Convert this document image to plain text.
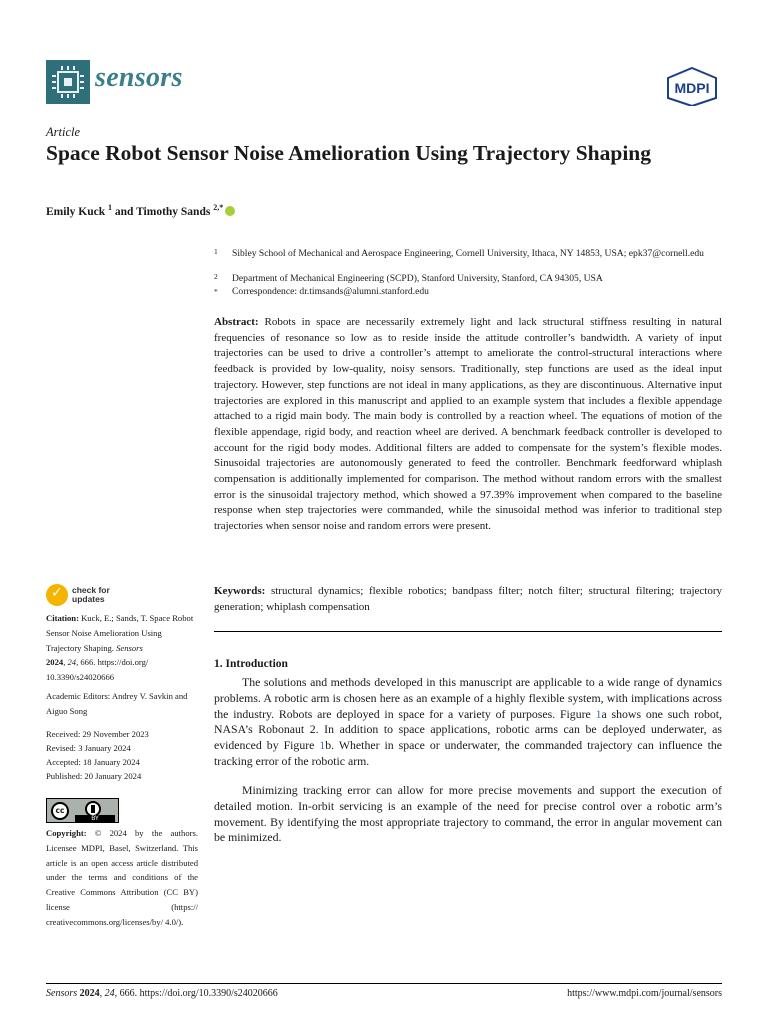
sensors	MDPI
Article
Space Robot Sensor Noise Amelioration Using Trajectory Shaping
Emily Kuck $^1$ and Timothy Sands $^{2,*}$
1	Sibley School of Mechanical and Aerospace Engineering, Cornell University, Ithaca, NY 14853, USA; epk37@cornell.edu
2	Department of Mechanical Engineering (SCPD), Stanford University, Stanford, CA 94305, USA
*	Correspondence: dr.timsands@alumni.stanford.edu
Abstract: Robots in space are necessarily extremely light and lack structural stiffness resulting in natural frequencies of resonance so low as to reside inside the attitude controller’s bandwidth. A variety of input trajectories can be used to drive a controller’s attempt to ameliorate the control-structural interactions where feedback is provided by low-quality, noisy sensors. Traditionally, step functions are used as the ideal input trajectory. However, step functions are not ideal in many applications, as they are discontinuous. Alternative input trajectories are explored in this manuscript and applied to an example system that includes a flexible appendage attached to a rigid main body. The main body is controlled by a reaction wheel. The equations of motion of the flexible appendage, rigid body, and reaction wheel are derived. A benchmark feedback controller is developed to account for the rigid body modes. Additional filters are added to compensate for the system’s flexible modes. Sinusoidal trajectories are autonomously generated to feed the controller. Benchmark feedforward whiplash compensation is additionally implemented for comparison. The method without random errors with the smallest error is the sinusoidal trajectory method, which showed a 97.39% improvement when compared to the baseline response when step trajectories were commanded, while the sinusoidal method was inferior to traditional step trajectories when sensor noise and random errors were present.
Keywords: structural dynamics; flexible robotics; bandpass filter; notch filter; structural filtering; trajectory generation; whiplash compensation
1. Introduction
The solutions and methods developed in this manuscript are applicable to a wide range of dynamics problems. A robotic arm is chosen here as an example of a highly flexible system, with implications across the industry. Robots are deployed in space for a variety of purposes. Figure 1a shows one such robot, NASA’s Robonaut 2. In addition to space applications, robotic arms can be deployed underwater, as evidenced by Figure 1b. Whether in space or underwater, the commanded trajectory can influence the tracking error of the robotic arm.
Minimizing tracking error can allow for more precise movements and support the execution of detailed motion. In-orbit servicing is an example of the need for precise control over a robotic arm’s movement. By identifying the most appropriate trajectory to command, the error in angular movement can be minimized.
✓
check for
updates
Citation: Kuck, E.; Sands, T. Space Robot Sensor Noise Amelioration Using Trajectory Shaping. Sensors
2024, 24, 666. https://doi.org/ 10.3390/s24020666
Academic Editors: Andrey V. Savkin and Aiguo Song
Received: 29 November 2023
Revised: 3 January 2024
Accepted: 18 January 2024
Published: 20 January 2024
cc
BY
Copyright: © 2024 by the authors. Licensee MDPI, Basel, Switzerland. This article is an open access article distributed under the terms and conditions of the Creative Commons Attribution (CC BY) license (https:// creativecommons.org/licenses/by/ 4.0/).
Sensors 2024, 24, 666. https://doi.org/10.3390/s24020666	https://www.mdpi.com/journal/sensors
